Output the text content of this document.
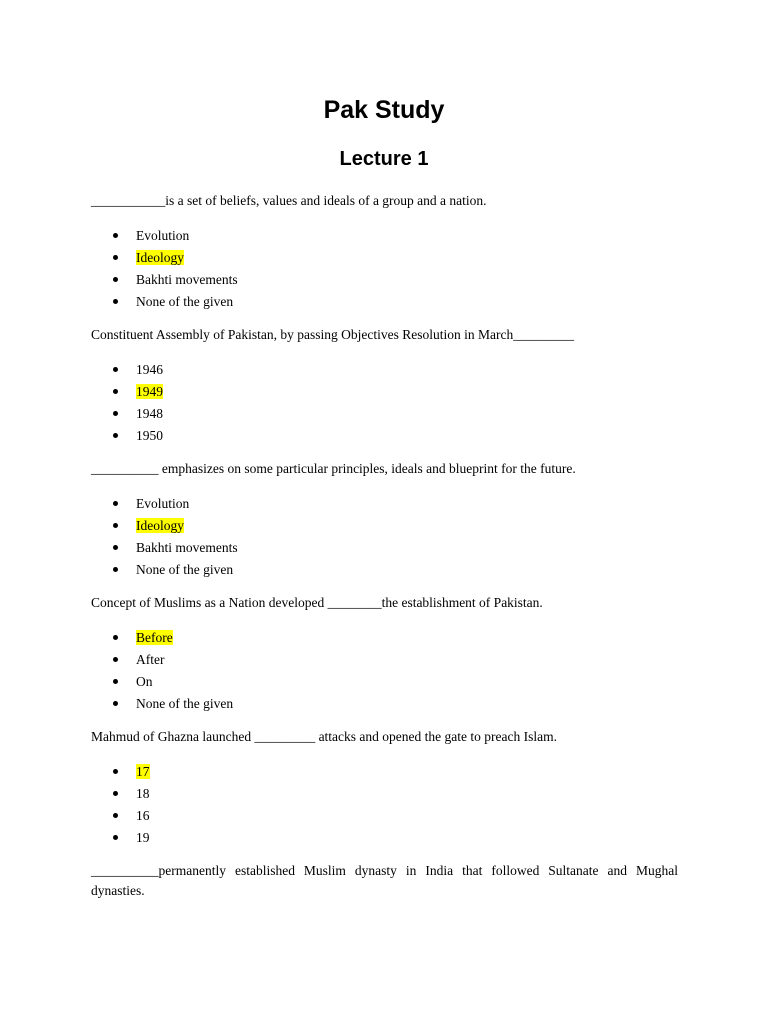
Pak Study
Lecture 1

___________is a set of beliefs, values and ideals of a group and a nation.

Evolution
Ideology
Bakhti movements
None of the given

Constituent Assembly of Pakistan, by passing Objectives Resolution in March_________

1946
1949
1948
1950

__________ emphasizes on some particular principles, ideals and blueprint for the future.

Evolution
Ideology
Bakhti movements
None of the given

Concept of Muslims as a Nation developed ________the establishment of Pakistan.

Before
After
On
None of the given

Mahmud of Ghazna launched _________ attacks and opened the gate to preach Islam.

17
18
16
19

__________permanently established Muslim dynasty in India that followed Sultanate and Mughal dynasties.
